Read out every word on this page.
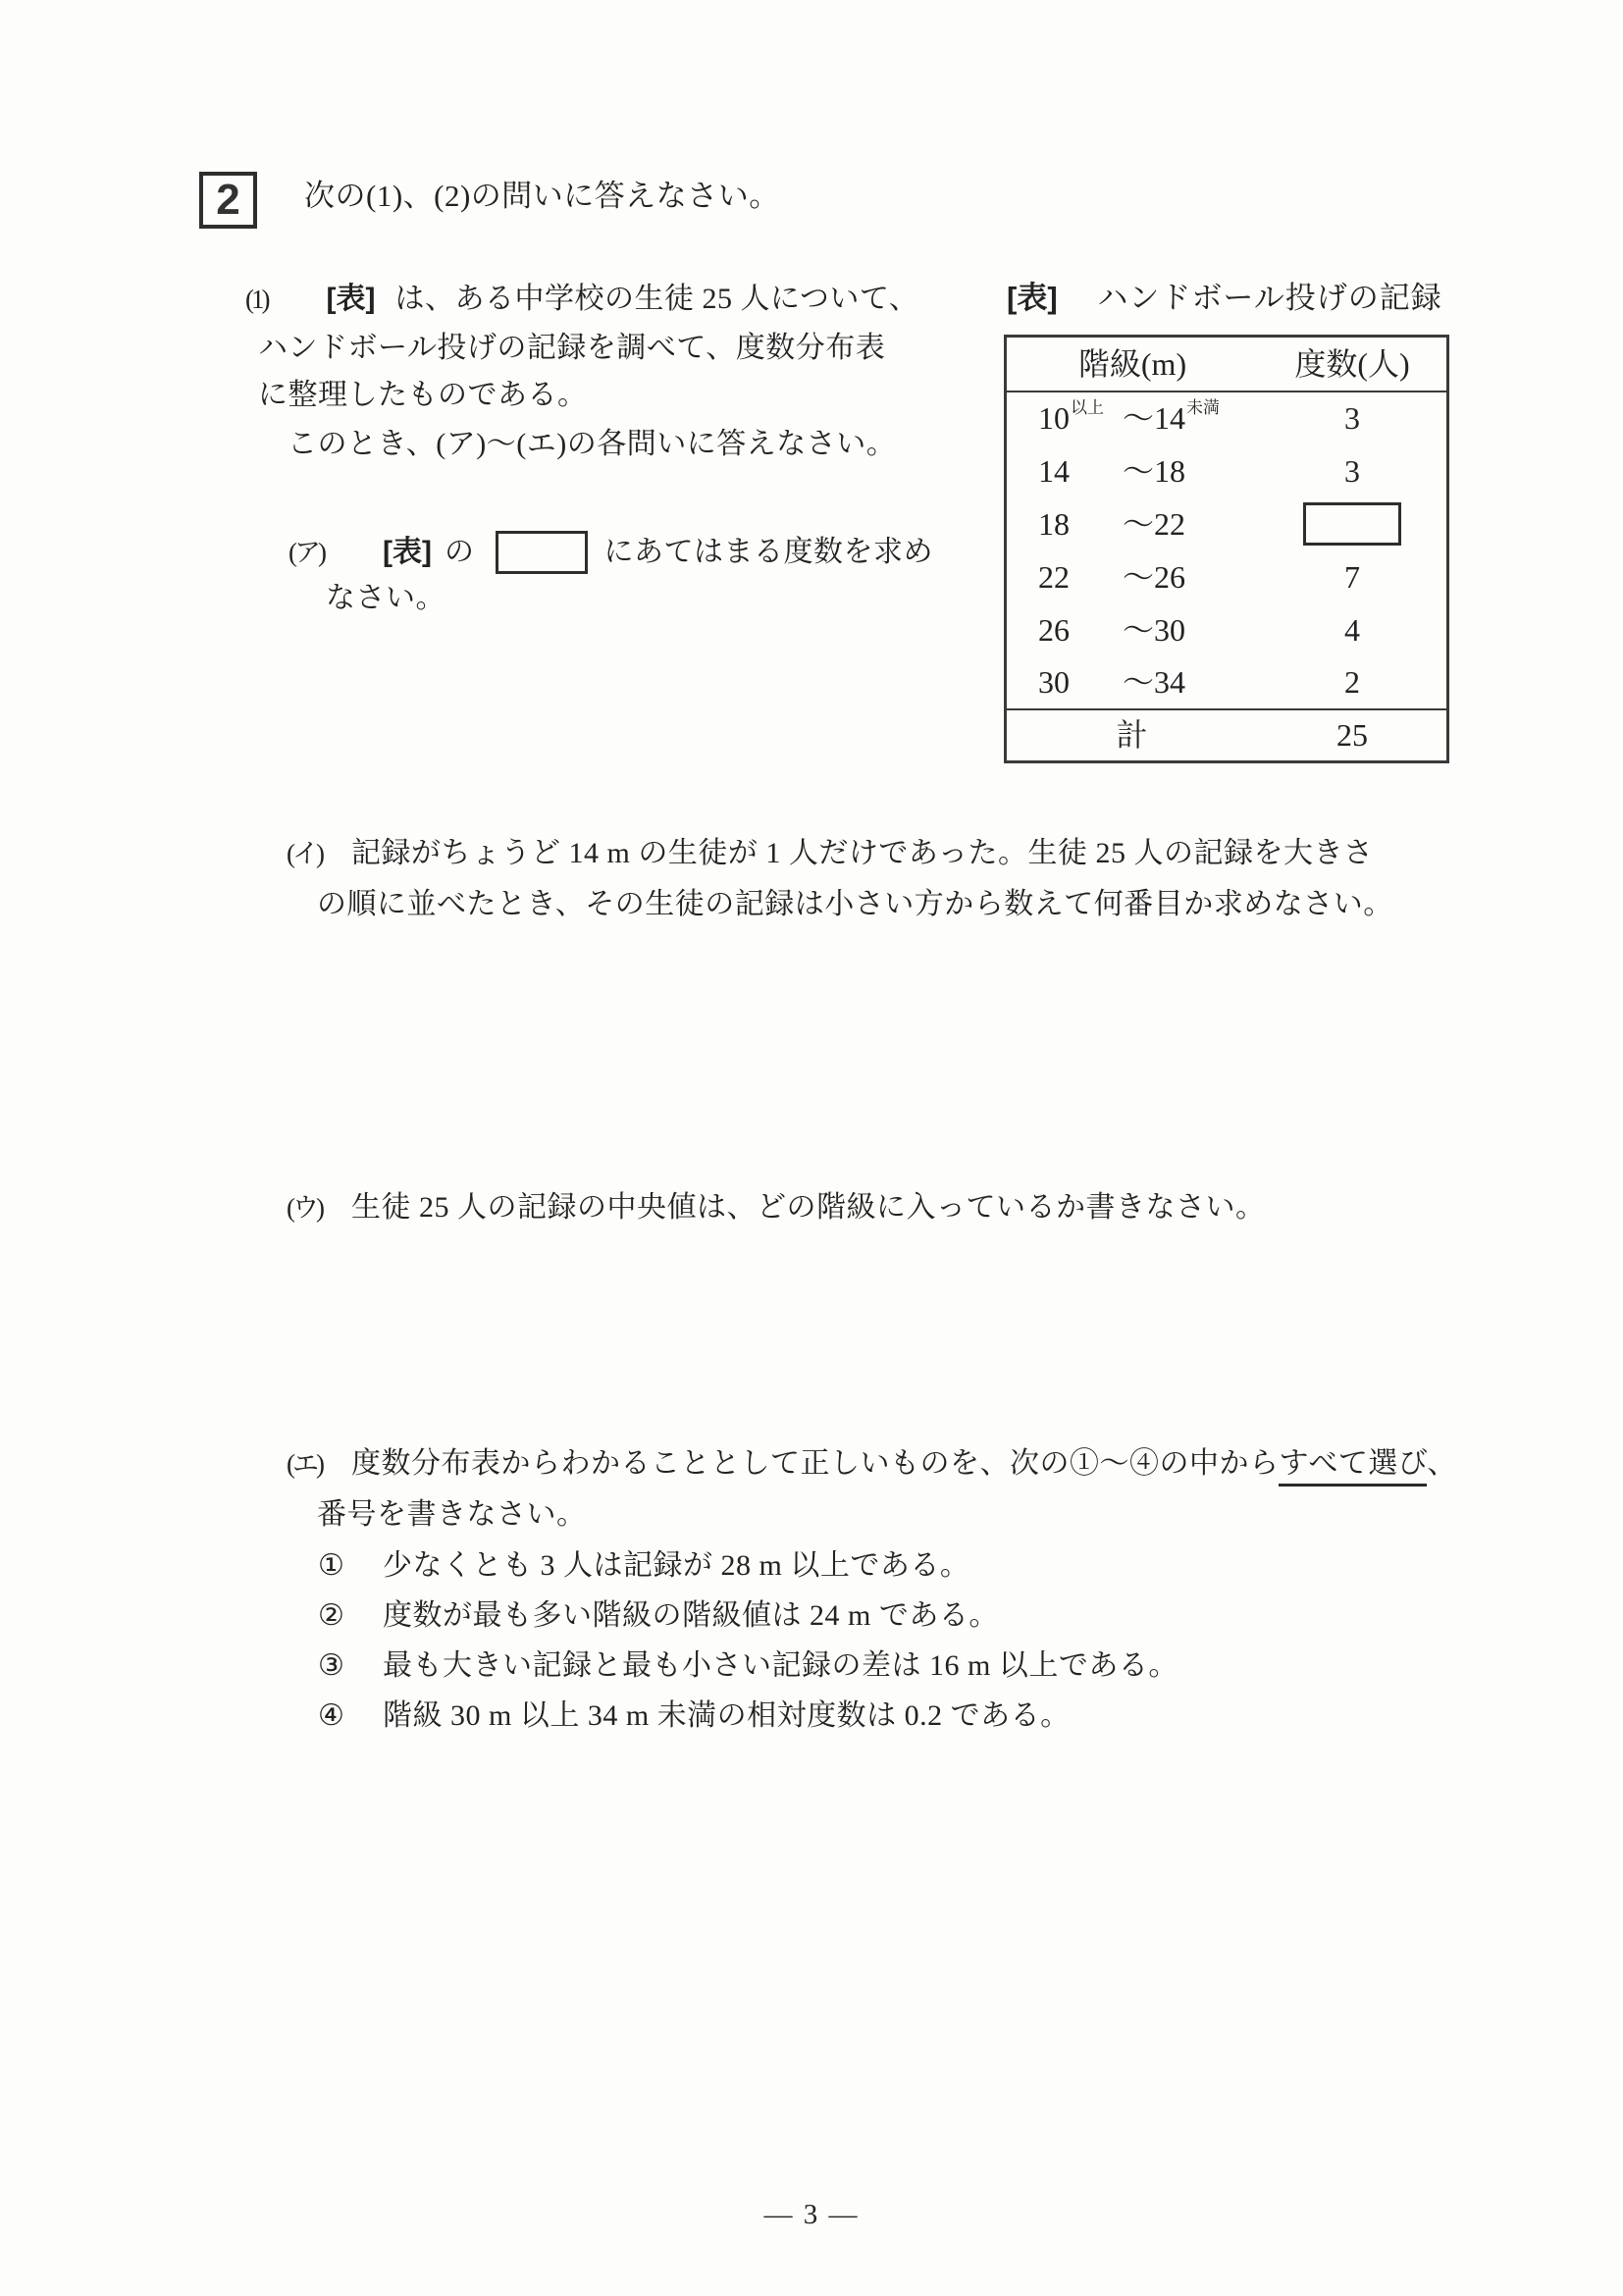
2 次の(1)、(2)の問いに答えなさい。
(1) [表] は、ある中学校の生徒 25 人について、
ハンドボール投げの記録を調べて、度数分布表
に整理したものである。
このとき、(ア)～(エ)の各問いに答えなさい。
[表] ハンドボール投げの記録
階級(m)	度数(人)
$10^{以上}$ $\sim 14^{未満}$	3
14 ～18	3
18 ～22	
22 ～26	7
26 ～30	4
30 ～34	2
計	25
(ア) [表] の	にあてはまる度数を求め
なさい。
(イ) 記録がちょうど 14 m の生徒が 1 人だけであった。生徒 25 人の記録を大きさ
の順に並べたとき、その生徒の記録は小さい方から数えて何番目か求めなさい。
(ウ) 生徒 25 人の記録の中央値は、どの階級に入っているか書きなさい。
(エ) 度数分布表からわかることとして正しいものを、次の①～④の中からすべて選び、
番号を書きなさい。
① 少なくとも 3 人は記録が 28 m 以上である。
② 度数が最も多い階級の階級値は 24 m である。
③ 最も大きい記録と最も小さい記録の差は 16 m 以上である。
④ 階級 30 m 以上 34 m 未満の相対度数は 0.2 である。
— 3 —
